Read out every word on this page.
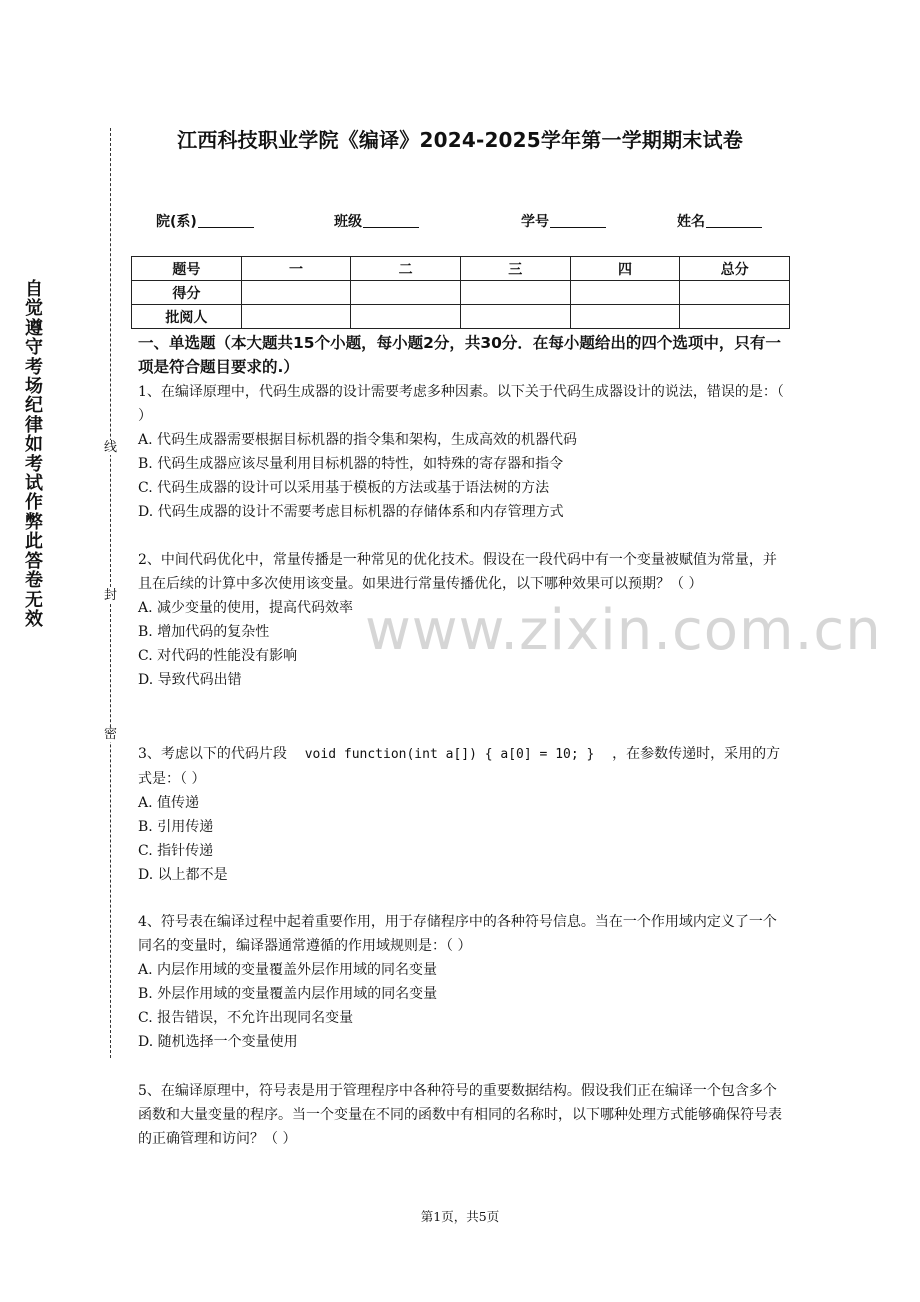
自觉遵守考场纪律如考试作弊此答卷无效
线
封
密
江西科技职业学院《编译》2024-2025学年第一学期期末试卷
院(系)	班级	学号	姓名
题号	一	二	三	四	总分
得分					
批阅人					
一、单选题（本大题共15个小题，每小题2分，共30分．在每小题给出的四个选项中，只有一项是符合题目要求的.）

1、在编译原理中，代码生成器的设计需要考虑多种因素。以下关于代码生成器设计的说法，错误的是：（ ）

A. 代码生成器需要根据目标机器的指令集和架构，生成高效的机器代码

B. 代码生成器应该尽量利用目标机器的特性，如特殊的寄存器和指令

C. 代码生成器的设计可以采用基于模板的方法或基于语法树的方法

D. 代码生成器的设计不需要考虑目标机器的存储体系和内存管理方式

2、中间代码优化中，常量传播是一种常见的优化技术。假设在一段代码中有一个变量被赋值为常量，并且在后续的计算中多次使用该变量。如果进行常量传播优化，以下哪种效果可以预期？（ ）

A. 减少变量的使用，提高代码效率

B. 增加代码的复杂性

C. 对代码的性能没有影响

D. 导致代码出错

3、考虑以下的代码片段 void function(int a[]) { a[0] = 10; } ，在参数传递时，采用的方式是：（ ）

A. 值传递

B. 引用传递

C. 指针传递

D. 以上都不是

4、符号表在编译过程中起着重要作用，用于存储程序中的各种符号信息。当在一个作用域内定义了一个同名的变量时，编译器通常遵循的作用域规则是：（ ）

A. 内层作用域的变量覆盖外层作用域的同名变量

B. 外层作用域的变量覆盖内层作用域的同名变量

C. 报告错误，不允许出现同名变量

D. 随机选择一个变量使用

5、在编译原理中，符号表是用于管理程序中各种符号的重要数据结构。假设我们正在编译一个包含多个函数和大量变量的程序。当一个变量在不同的函数中有相同的名称时，以下哪种处理方式能够确保符号表的正确管理和访问？（ ）

www.zixin.com.cn
第1页，共5页
